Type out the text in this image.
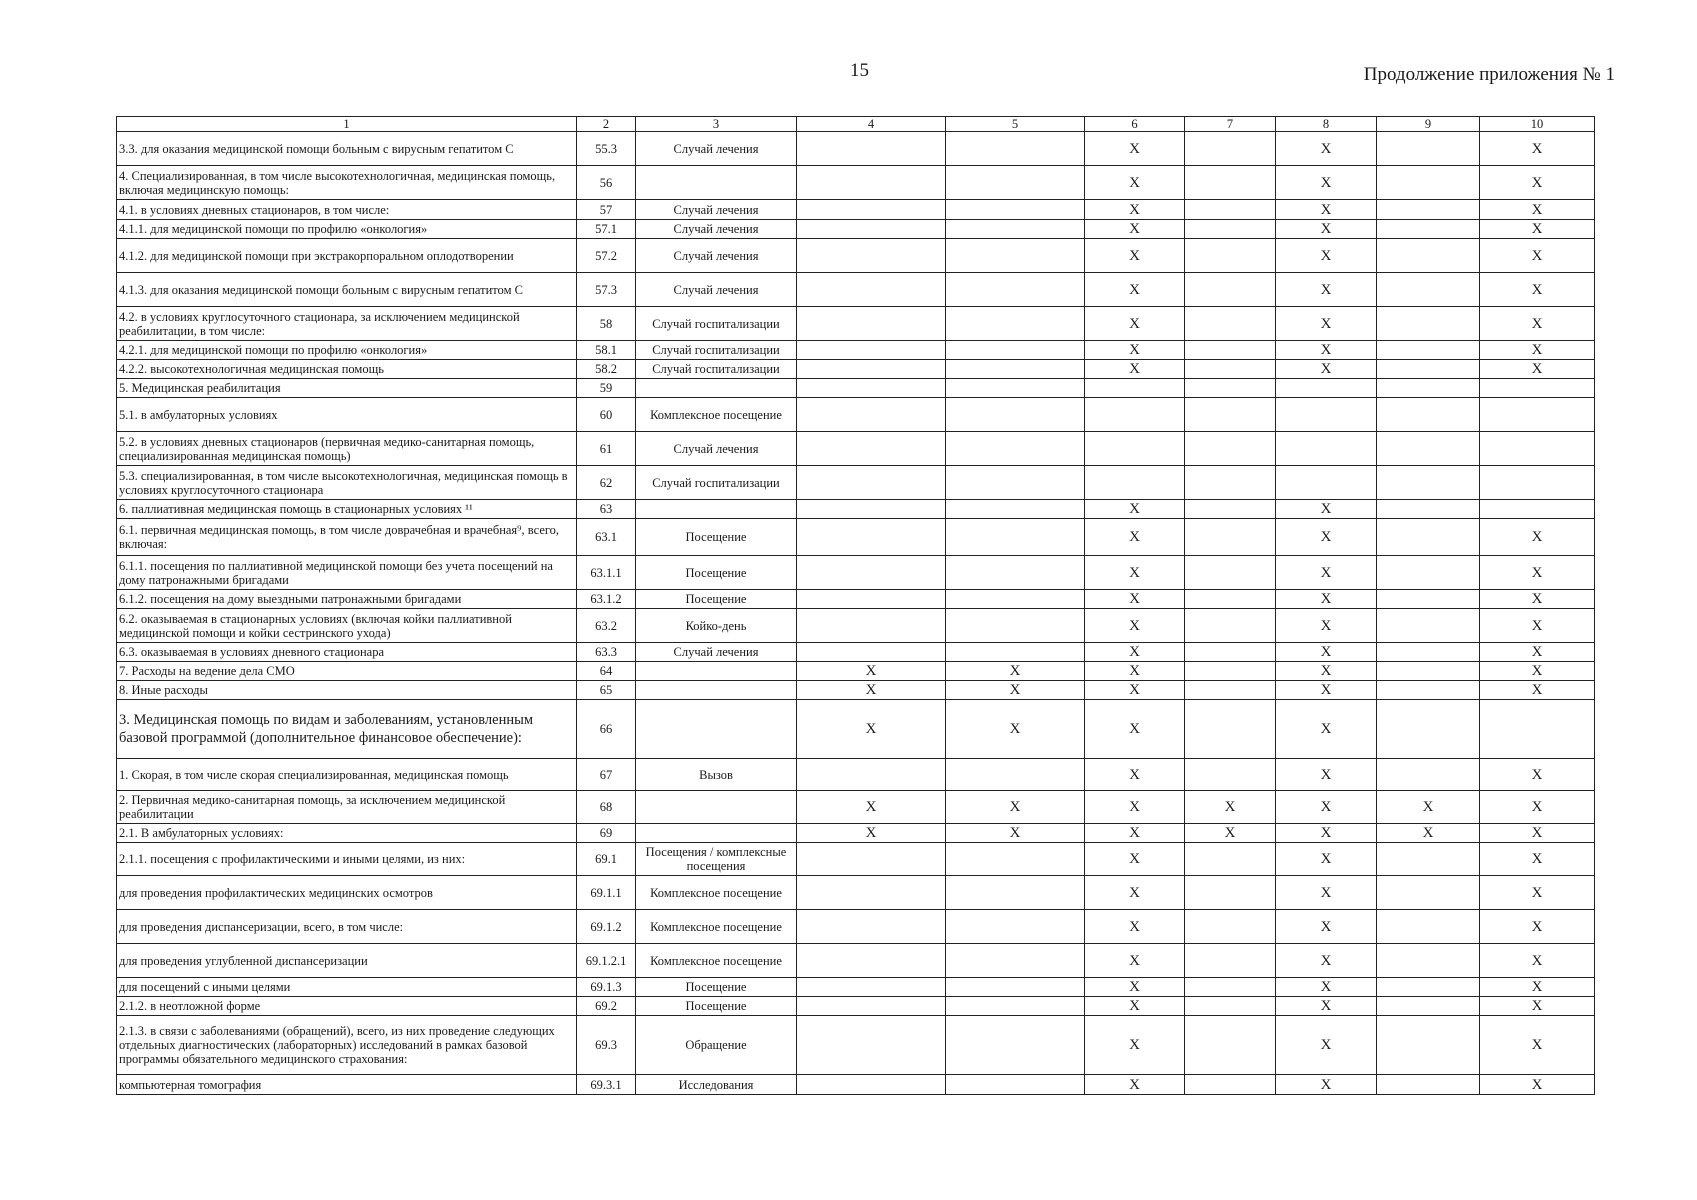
15	Продолжение приложения № 1
1	2	3	4	5	6	7	8	9	10
3.3. для оказания медицинской помощи больным с вирусным гепатитом С	55.3	Случай лечения			X		X		X
4. Специализированная, в том числе высокотехнологичная, медицинская помощь, включая медицинскую помощь:	56				X		X		X
4.1. в условиях дневных стационаров, в том числе:	57	Случай лечения			X		X		X
4.1.1. для медицинской помощи по профилю «онкология»	57.1	Случай лечения			X		X		X
4.1.2. для медицинской помощи при экстракорпоральном оплодотворении	57.2	Случай лечения			X		X		X
4.1.3. для оказания медицинской помощи больным с вирусным гепатитом С	57.3	Случай лечения			X		X		X
4.2. в условиях круглосуточного стационара, за исключением медицинской реабилитации, в том числе:	58	Случай госпитализации			X		X		X
4.2.1. для медицинской помощи по профилю «онкология»	58.1	Случай госпитализации			X		X		X
4.2.2. высокотехнологичная медицинская помощь	58.2	Случай госпитализации			X		X		X
5. Медицинская реабилитация	59								
5.1. в амбулаторных условиях	60	Комплексное посещение							
5.2. в условиях дневных стационаров (первичная медико-санитарная помощь, специализированная медицинская помощь)	61	Случай лечения							
5.3. специализированная, в том числе высокотехнологичная, медицинская помощь в условиях круглосуточного стационара	62	Случай госпитализации							
6. паллиативная медицинская помощь в стационарных условиях ¹¹	63				X		X		
6.1. первичная медицинская помощь, в том числе доврачебная и врачебная⁹, всего, включая:	63.1	Посещение			X		X		X
6.1.1. посещения по паллиативной медицинской помощи без учета посещений на дому патронажными бригадами	63.1.1	Посещение			X		X		X
6.1.2. посещения на дому выездными патронажными бригадами	63.1.2	Посещение			X		X		X
6.2. оказываемая в стационарных условиях (включая койки паллиативной медицинской помощи и койки сестринского ухода)	63.2	Койко-день			X		X		X
6.3. оказываемая в условиях дневного стационара	63.3	Случай лечения			X		X		X
7. Расходы на ведение дела СМО	64		X	X	X		X		X
8. Иные расходы	65		X	X	X		X		X
3. Медицинская помощь по видам и заболеваниям, установленным базовой программой (дополнительное финансовое обеспечение):	66		X	X	X		X		
1. Скорая, в том числе скорая специализированная, медицинская помощь	67	Вызов			X		X		X
2. Первичная медико-санитарная помощь, за исключением медицинской реабилитации	68		X	X	X	X	X	X	X
2.1. В амбулаторных условиях:	69		X	X	X	X	X	X	X
2.1.1. посещения с профилактическими и иными целями, из них:	69.1	Посещения / комплексные посещения			X		X		X
для проведения профилактических медицинских осмотров	69.1.1	Комплексное посещение			X		X		X
для проведения диспансеризации, всего, в том числе:	69.1.2	Комплексное посещение			X		X		X
для проведения углубленной диспансеризации	69.1.2.1	Комплексное посещение			X		X		X
для посещений с иными целями	69.1.3	Посещение			X		X		X
2.1.2. в неотложной форме	69.2	Посещение			X		X		X
2.1.3. в связи с заболеваниями (обращений), всего, из них проведение следующих отдельных диагностических (лабораторных) исследований в рамках базовой программы обязательного медицинского страхования:	69.3	Обращение			X		X		X
компьютерная томография	69.3.1	Исследования			X		X		X
